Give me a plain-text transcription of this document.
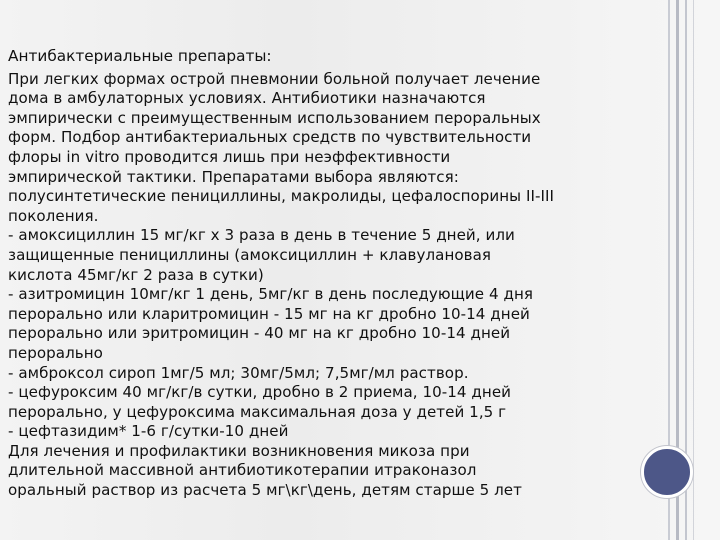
Антибактериальные препараты:
При легких формах острой пневмонии больной получает лечение
дома в амбулаторных условиях. Антибиотики назначаются
эмпирически с преимущественным использованием пероральных
форм. Подбор антибактериальных средств по чувствительности
флоры in vitro проводится лишь при неэффективности
эмпирической тактики. Препаратами выбора являются:
полусинтетические пенициллины, макролиды, цефалоспорины II-III
поколения.
- амоксициллин 15 мг/кг х 3 раза в день в течение 5 дней, или
защищенные пенициллины (амоксициллин + клавулановая
кислота 45мг/кг 2 раза в сутки)
- азитромицин 10мг/кг 1 день, 5мг/кг в день последующие 4 дня
перорально или кларитромицин - 15 мг на кг дробно 10-14 дней
перорально или эритромицин - 40 мг на кг дробно 10-14 дней
перорально
- амброксол сироп 1мг/5 мл; 30мг/5мл; 7,5мг/мл раствор.
- цефуроксим 40 мг/кг/в сутки, дробно в 2 приема, 10-14 дней
перорально, у цефуроксима максимальная доза у детей 1,5 г
- цефтазидим* 1-6 г/сутки-10 дней
Для лечения и профилактики возникновения микоза при
длительной массивной антибиотикотерапии итраконазол
оральный раствор из расчета 5 мг\кг\день, детям старше 5 лет
